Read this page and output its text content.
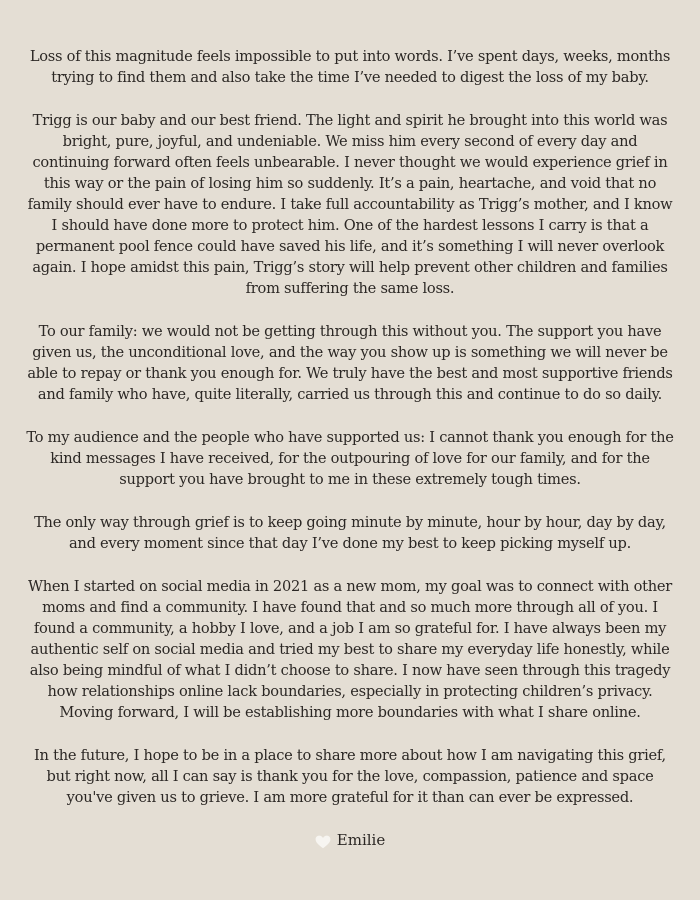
Loss of this magnitude feels impossible to put into words. I’ve spent days, weeks, months trying to find them and also take the time I’ve needed to digest the loss of my baby.

Trigg is our baby and our best friend. The light and spirit he brought into this world was bright, pure, joyful, and undeniable. We miss him every second of every day and continuing forward often feels unbearable. I never thought we would experience grief in this way or the pain of losing him so suddenly. It’s a pain, heartache, and void that no family should ever have to endure. I take full accountability as Trigg’s mother, and I know I should have done more to protect him. One of the hardest lessons I carry is that a permanent pool fence could have saved his life, and it’s something I will never overlook again. I hope amidst this pain, Trigg’s story will help prevent other children and families from suffering the same loss.

To our family: we would not be getting through this without you. The support you have given us, the unconditional love, and the way you show up is something we will never be able to repay or thank you enough for. We truly have the best and most supportive friends and family who have, quite literally, carried us through this and continue to do so daily.

To my audience and the people who have supported us: I cannot thank you enough for the kind messages I have received, for the outpouring of love for our family, and for the support you have brought to me in these extremely tough times.

The only way through grief is to keep going minute by minute, hour by hour, day by day, and every moment since that day I’ve done my best to keep picking myself up.

When I started on social media in 2021 as a new mom, my goal was to connect with other moms and find a community. I have found that and so much more through all of you. I found a community, a hobby I love, and a job I am so grateful for. I have always been my authentic self on social media and tried my best to share my everyday life honestly, while also being mindful of what I didn’t choose to share. I now have seen through this tragedy how relationships online lack boundaries, especially in protecting children’s privacy. Moving forward, I will be establishing more boundaries with what I share online.

In the future, I hope to be in a place to share more about how I am navigating this grief, but right now, all I can say is thank you for the love, compassion, patience and space you've given us to grieve. I am more grateful for it than can ever be expressed.

Emilie
